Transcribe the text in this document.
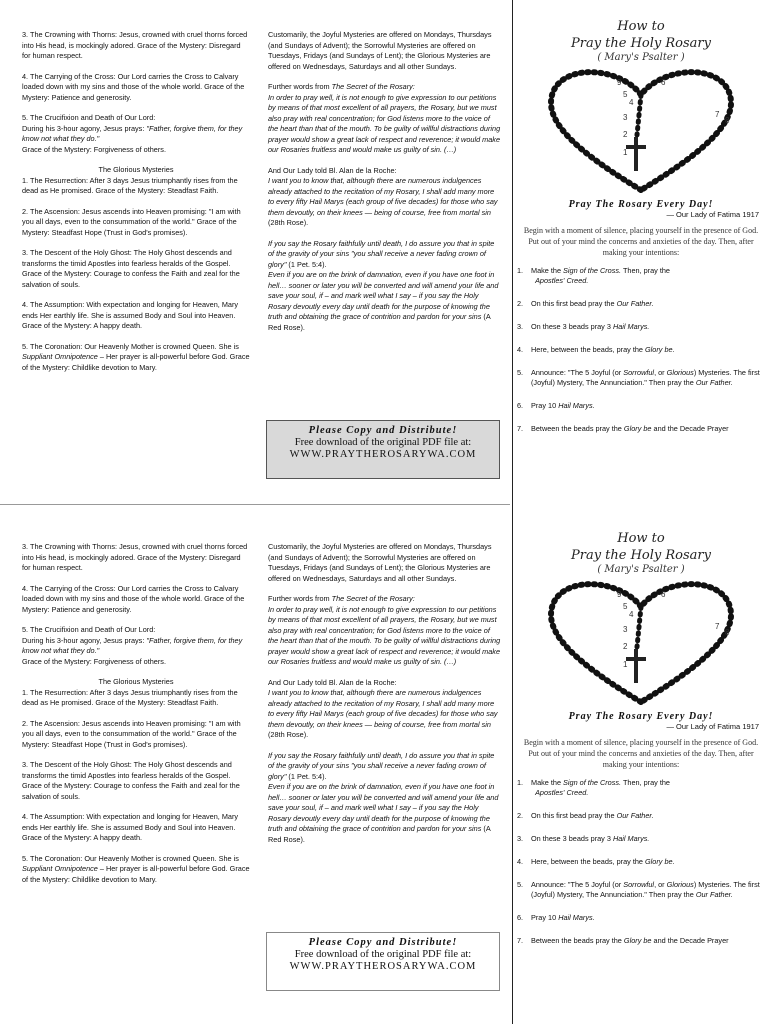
3. The Crowning with Thorns: Jesus, crowned with cruel thorns forced into His head, is mockingly adored. Grace of the Mystery: Disregard for human respect.

4. The Carrying of the Cross: Our Lord carries the Cross to Calvary loaded down with my sins and those of the whole world. Grace of the Mystery: Patience and generosity.

5. The Crucifixion and Death of Our Lord:
During his 3-hour agony, Jesus prays: "Father, forgive them, for they know not what they do."
Grace of the Mystery: Forgiveness of others.

The Glorious Mysteries

1. The Resurrection: After 3 days Jesus triumphantly rises from the dead as He promised. Grace of the Mystery: Steadfast Faith.

2. The Ascension: Jesus ascends into Heaven promising: "I am with you all days, even to the consummation of the world." Grace of the Mystery: Steadfast Hope (Trust in God's promises).

3. The Descent of the Holy Ghost: The Holy Ghost descends and transforms the timid Apostles into fearless heralds of the Gospel. Grace of the Mystery: Courage to confess the Faith and zeal for the salvation of souls.

4. The Assumption: With expectation and longing for Heaven, Mary ends Her earthly life. She is assumed Body and Soul into Heaven. Grace of the Mystery: A happy death.

5. The Coronation: Our Heavenly Mother is crowned Queen. She is Suppliant Omnipotence – Her prayer is all-powerful before God. Grace of the Mystery: Childlike devotion to Mary.

Customarily, the Joyful Mysteries are offered on Mondays, Thursdays (and Sundays of Advent); the Sorrowful Mysteries are offered on Tuesdays, Fridays (and Sundays of Lent); the Glorious Mysteries are offered on Wednesdays, Saturdays and all other Sundays.

Further words from The Secret of the Rosary:
In order to pray well, it is not enough to give expression to our petitions by means of that most excellent of all prayers, the Rosary, but we must also pray with real concentration; for God listens more to the voice of the heart than that of the mouth. To be guilty of willful distractions during prayer would show a great lack of respect and reverence; it would make our Rosaries fruitless and would make us guilty of sin. (…)

And Our Lady told Bl. Alan de la Roche:
I want you to know that, although there are numerous indulgences already attached to the recitation of my Rosary, I shall add many more to every fifty Hail Marys (each group of five decades) for those who say them devoutly, on their knees — being of course, free from mortal sin (28th Rose).

If you say the Rosary faithfully until death, I do assure you that in spite of the gravity of your sins "you shall receive a never fading crown of glory" (1 Pet. 5:4).
Even if you are on the brink of damnation, even if you have one foot in hell… sooner or later you will be converted and will amend your life and save your soul, if – and mark well what I say – if you say the Holy Rosary devoutly every day until death for the purpose of knowing the truth and obtaining the grace of contrition and pardon for your sins (A Red Rose).

Please Copy and Distribute!
Free download of the original PDF file at:
WWW.PRAYTHEROSARYWA.COM

How to

Pray the Holy Rosary

( Mary's Psalter )

6
7
8
9
5
4
3
2
1

Pray The Rosary Every Day!

— Our Lady of Fatima 1917

Begin with a moment of silence, placing yourself in the presence of God. Put out of your mind the concerns and anxieties of the day. Then, after making your intentions:

1.	Make the Sign of the Cross. Then, pray the
Apostles' Creed.
2.	On this first bead pray the Our Father.
3.	On these 3 beads pray 3 Hail Marys.
4.	Here, between the beads, pray the Glory be.
5.	Announce: "The 5 Joyful (or Sorrowful, or Glorious) Mysteries. The first (Joyful) Mystery, The Annunciation." Then pray the Our Father.
6.	Pray 10 Hail Marys.
7.	Between the beads pray the Glory be and the Decade Prayer

3. The Crowning with Thorns: Jesus, crowned with cruel thorns forced into His head, is mockingly adored. Grace of the Mystery: Disregard for human respect.

4. The Carrying of the Cross: Our Lord carries the Cross to Calvary loaded down with my sins and those of the whole world. Grace of the Mystery: Patience and generosity.

5. The Crucifixion and Death of Our Lord:
During his 3-hour agony, Jesus prays: "Father, forgive them, for they know not what they do."
Grace of the Mystery: Forgiveness of others.

The Glorious Mysteries

1. The Resurrection: After 3 days Jesus triumphantly rises from the dead as He promised. Grace of the Mystery: Steadfast Faith.

2. The Ascension: Jesus ascends into Heaven promising: "I am with you all days, even to the consummation of the world." Grace of the Mystery: Steadfast Hope (Trust in God's promises).

3. The Descent of the Holy Ghost: The Holy Ghost descends and transforms the timid Apostles into fearless heralds of the Gospel. Grace of the Mystery: Courage to confess the Faith and zeal for the salvation of souls.

4. The Assumption: With expectation and longing for Heaven, Mary ends Her earthly life. She is assumed Body and Soul into Heaven. Grace of the Mystery: A happy death.

5. The Coronation: Our Heavenly Mother is crowned Queen. She is Suppliant Omnipotence – Her prayer is all-powerful before God. Grace of the Mystery: Childlike devotion to Mary.

Customarily, the Joyful Mysteries are offered on Mondays, Thursdays (and Sundays of Advent); the Sorrowful Mysteries are offered on Tuesdays, Fridays (and Sundays of Lent); the Glorious Mysteries are offered on Wednesdays, Saturdays and all other Sundays.

Further words from The Secret of the Rosary:
In order to pray well, it is not enough to give expression to our petitions by means of that most excellent of all prayers, the Rosary, but we must also pray with real concentration; for God listens more to the voice of the heart than that of the mouth. To be guilty of willful distractions during prayer would show a great lack of respect and reverence; it would make our Rosaries fruitless and would make us guilty of sin. (…)

And Our Lady told Bl. Alan de la Roche:
I want you to know that, although there are numerous indulgences already attached to the recitation of my Rosary, I shall add many more to every fifty Hail Marys (each group of five decades) for those who say them devoutly, on their knees — being of course, free from mortal sin (28th Rose).

If you say the Rosary faithfully until death, I do assure you that in spite of the gravity of your sins "you shall receive a never fading crown of glory" (1 Pet. 5:4).
Even if you are on the brink of damnation, even if you have one foot in hell… sooner or later you will be converted and will amend your life and save your soul, if – and mark well what I say – if you say the Holy Rosary devoutly every day until death for the purpose of knowing the truth and obtaining the grace of contrition and pardon for your sins (A Red Rose).

Please Copy and Distribute!
Free download of the original PDF file at:
WWW.PRAYTHEROSARYWA.COM

How to

Pray the Holy Rosary

( Mary's Psalter )

6
7
8
9
5
4
3
2
1

Pray The Rosary Every Day!

— Our Lady of Fatima 1917

Begin with a moment of silence, placing yourself in the presence of God. Put out of your mind the concerns and anxieties of the day. Then, after making your intentions:

1.	Make the Sign of the Cross. Then, pray the
Apostles' Creed.
2.	On this first bead pray the Our Father.
3.	On these 3 beads pray 3 Hail Marys.
4.	Here, between the beads, pray the Glory be.
5.	Announce: "The 5 Joyful (or Sorrowful, or Glorious) Mysteries. The first (Joyful) Mystery, The Annunciation." Then pray the Our Father.
6.	Pray 10 Hail Marys.
7.	Between the beads pray the Glory be and the Decade Prayer
